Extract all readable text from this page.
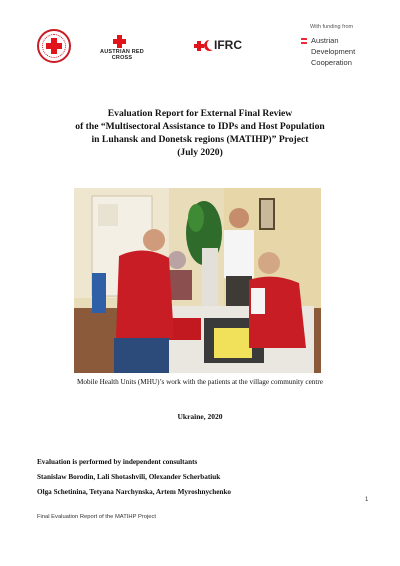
AUSTRIAN RED CROSS
IFRC
With funding from
Austrian
Development
Cooperation
Evaluation Report for External Final Review
of the “Multisectoral Assistance to IDPs and Host Population
in Luhansk and Donetsk regions (MATIHP)” Project
(July 2020)
Mobile Health Units (MHU)’s work with the patients at the village community centre
Ukraine, 2020
Evaluation is performed by independent consultants
Stanislaw Borodin, Lali Shotashvili, Olexander Scherbatiuk
Olga Schetinina, Tetyana Narchynska, Artem Myroshnychenko
1
Final Evaluation Report of the MATIHP Project
